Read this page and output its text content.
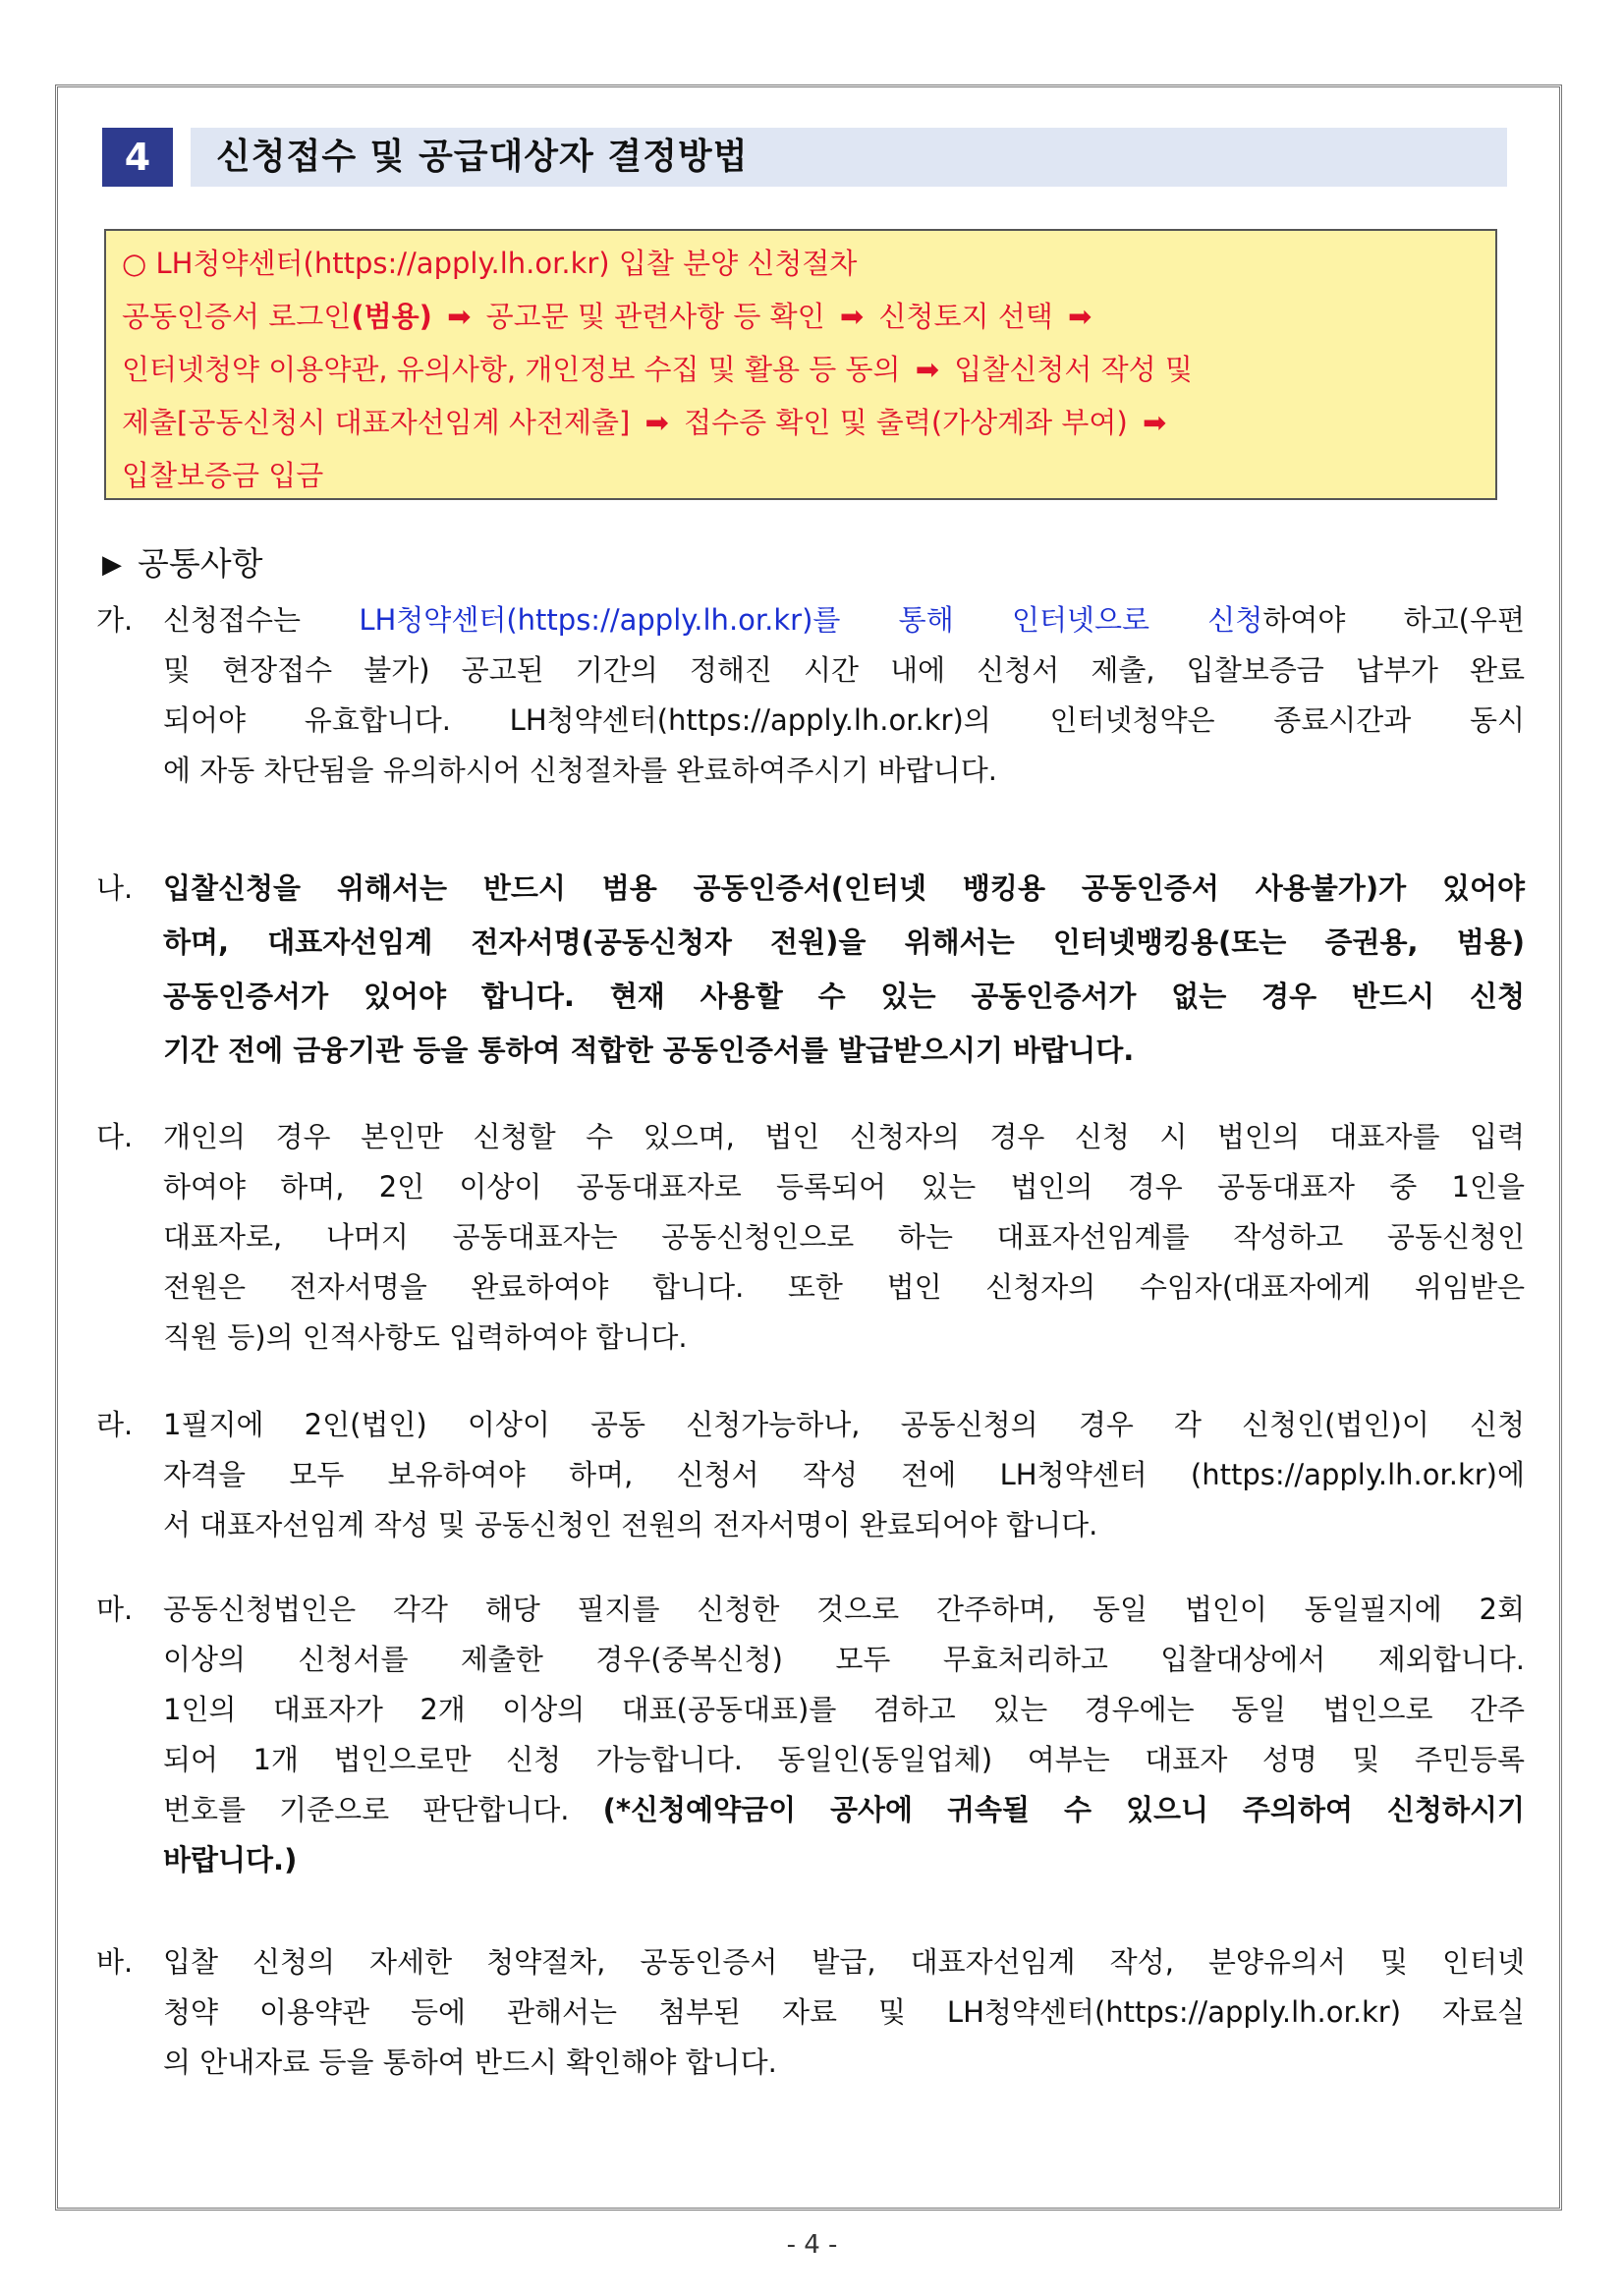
4	신청접수 및 공급대상자 결정방법
○ LH청약센터(https://apply.lh.or.kr) 입찰 분양 신청절차
공동인증서 로그인(범용) ➡ 공고문 및 관련사항 등 확인 ➡ 신청토지 선택 ➡
인터넷청약 이용약관, 유의사항, 개인정보 수집 및 활용 등 동의 ➡ 입찰신청서 작성 및
제출[공동신청시 대표자선임계 사전제출] ➡ 접수증 확인 및 출력(가상계좌 부여) ➡
입찰보증금 입금
▶ 공통사항
가. 신청접수는 LH청약센터(https://apply.lh.or.kr)를 통해 인터넷으로 신청하여야 하고(우편
및 현장접수 불가) 공고된 기간의 정해진 시간 내에 신청서 제출, 입찰보증금 납부가 완료
되어야 유효합니다. LH청약센터(https://apply.lh.or.kr)의 인터넷청약은 종료시간과 동시
에 자동 차단됨을 유의하시어 신청절차를 완료하여주시기 바랍니다.
나. 입찰신청을 위해서는 반드시 범용 공동인증서(인터넷 뱅킹용 공동인증서 사용불가)가 있어야
하며, 대표자선임계 전자서명(공동신청자 전원)을 위해서는 인터넷뱅킹용(또는 증권용, 범용)
공동인증서가 있어야 합니다. 현재 사용할 수 있는 공동인증서가 없는 경우 반드시 신청
기간 전에 금융기관 등을 통하여 적합한 공동인증서를 발급받으시기 바랍니다.
다. 개인의 경우 본인만 신청할 수 있으며, 법인 신청자의 경우 신청 시 법인의 대표자를 입력
하여야 하며, 2인 이상이 공동대표자로 등록되어 있는 법인의 경우 공동대표자 중 1인을
대표자로, 나머지 공동대표자는 공동신청인으로 하는 대표자선임계를 작성하고 공동신청인
전원은 전자서명을 완료하여야 합니다. 또한 법인 신청자의 수임자(대표자에게 위임받은
직원 등)의 인적사항도 입력하여야 합니다.
라. 1필지에 2인(법인) 이상이 공동 신청가능하나, 공동신청의 경우 각 신청인(법인)이 신청
자격을 모두 보유하여야 하며, 신청서 작성 전에 LH청약센터 (https://apply.lh.or.kr)에
서 대표자선임계 작성 및 공동신청인 전원의 전자서명이 완료되어야 합니다.
마. 공동신청법인은 각각 해당 필지를 신청한 것으로 간주하며, 동일 법인이 동일필지에 2회
이상의 신청서를 제출한 경우(중복신청) 모두 무효처리하고 입찰대상에서 제외합니다.
1인의 대표자가 2개 이상의 대표(공동대표)를 겸하고 있는 경우에는 동일 법인으로 간주
되어 1개 법인으로만 신청 가능합니다. 동일인(동일업체) 여부는 대표자 성명 및 주민등록
번호를 기준으로 판단합니다. (*신청예약금이 공사에 귀속될 수 있으니 주의하여 신청하시기
바랍니다.)
바. 입찰 신청의 자세한 청약절차, 공동인증서 발급, 대표자선임계 작성, 분양유의서 및 인터넷
청약 이용약관 등에 관해서는 첨부된 자료 및 LH청약센터(https://apply.lh.or.kr) 자료실
의 안내자료 등을 통하여 반드시 확인해야 합니다.
- 4 -
